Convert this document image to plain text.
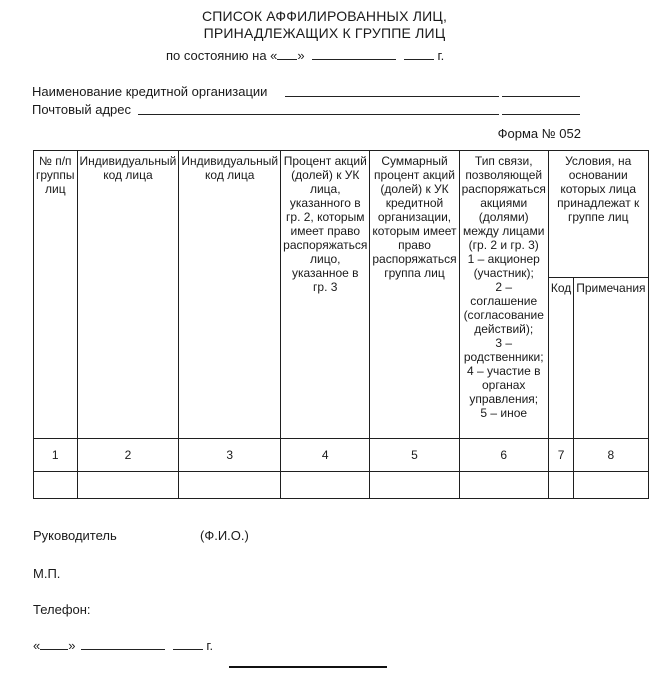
СПИСОК АФФИЛИРОВАННЫХ ЛИЦ,
ПРИНАДЛЕЖАЩИХ К ГРУППЕ ЛИЦ
по состоянию на « »	г.
Наименование кредитной организации
Почтовый адрес
Форма № 052
№ п/п группы лиц	Индивидуальный код лица	Индивидуальный код лица	Процент акций (долей) к УК лица, указанного в гр. 2, которым имеет право распоряжаться лицо, указанное в гр. 3	Суммарный процент акций (долей) к УК кредитной организации, которым имеет право распоряжаться группа лиц	
Тип связи, позволяющей распоряжаться акциями (долями) между лицами (гр. 2 и гр. 3)
1 – акционер (участник);
2 – соглашение (согласование действий);
3 – родственники;
4 – участие в органах управления;
5 – иное
	Условия, на основании которых лица принадлежат к группе лиц
Код	Примечания
1	2	3	4	5	6	7	8

Руководитель	(Ф.И.О.)
М.П.
Телефон:
« »	г.
